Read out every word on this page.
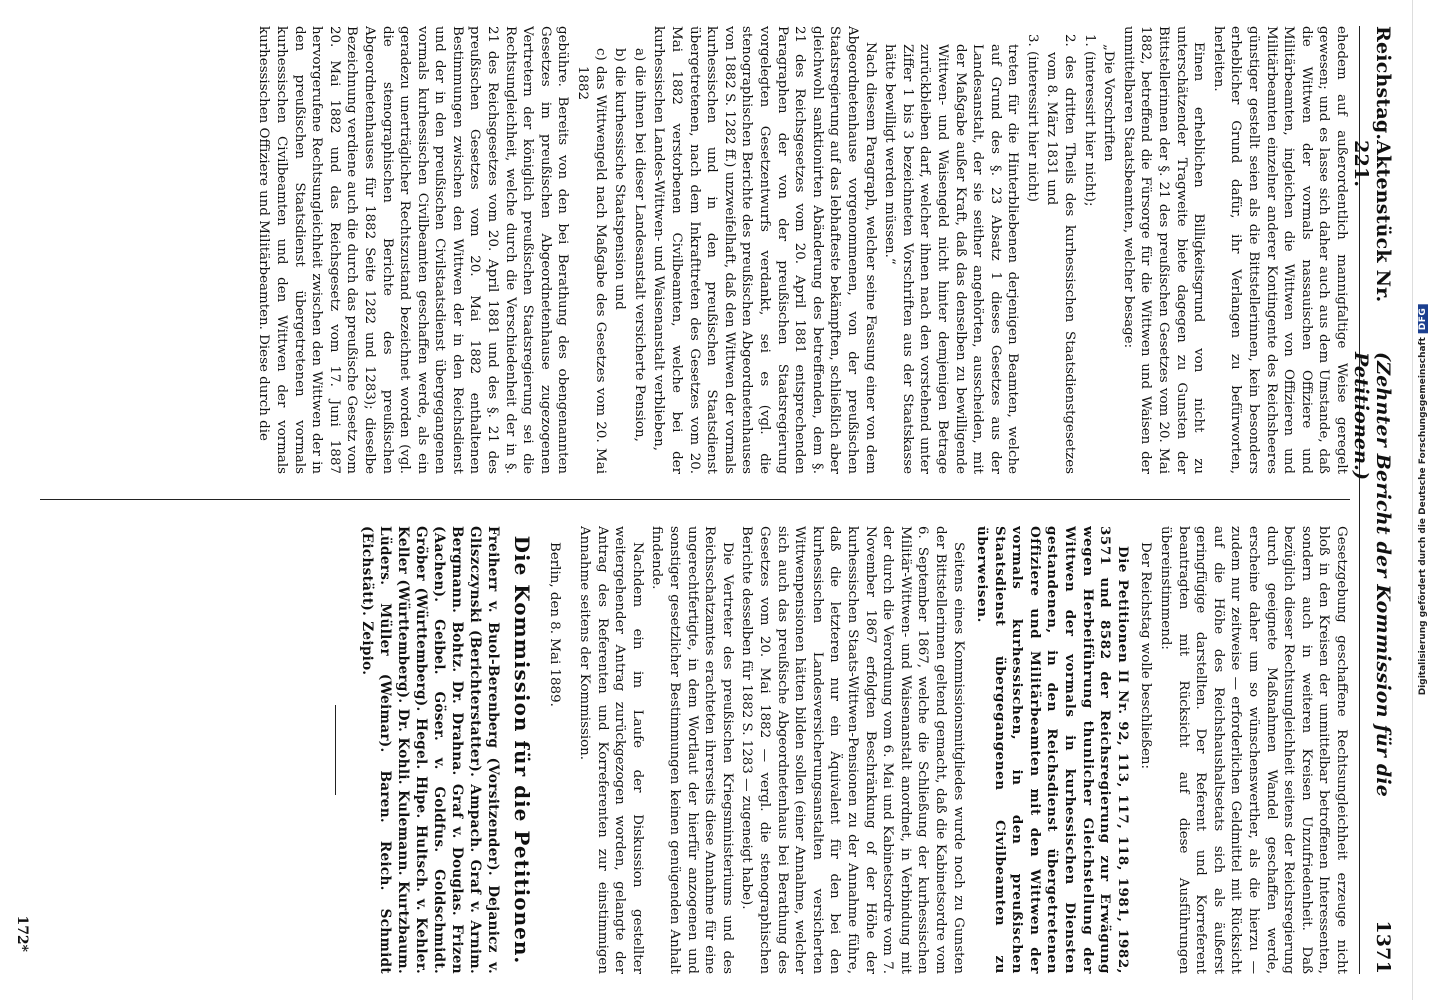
Reichstag.
Aktenstück Nr. 221.
(Zehnter Bericht der Kommission für die Petitionen.)
1371

ehedem auf außerordentlich mannigfaltige Weise geregelt gewesen; und es lasse sich daher auch aus dem Umstande, daß die Wittwen der vormals nassauischen Offiziere und Militärbeamten, ingleichen die Wittwen von Offizieren und Militärbeamten einzelner anderer Kontingente des Reichsheeres günstiger gestellt seien als die Bittstellerinnen, kein besonders erheblicher Grund dafür, ihr Verlangen zu befürworten, herleiten.

Einen erheblichen Billigkeitsgrund von nicht zu unterschätzender Tragweite biete dagegen zu Gunsten der Bittstellerinnen der §. 21 des preußischen Gesetzes vom 20. Mai 1882, betreffend die Fürsorge für die Wittwen und Waisen der unmittelbaren Staatsbeamten, welcher besage:

„Die Vorschriften

1. (interessirt hier nicht);

2. des dritten Theils des kurhessischen Staatsdienstgesetzes vom 8. März 1831 und

3. (interessirt hier nicht)

treten für die Hinterbliebenen derjenigen Beamten, welche auf Grund des §. 23 Absatz 1 dieses Gesetzes aus der Landesanstalt, der sie seither angehörten, ausscheiden, mit der Maßgabe außer Kraft, daß das denselben zu bewilligende Wittwen- und Waisengeld nicht hinter demjenigen Betrage zurückbleiben darf, welcher ihnen nach den vorstehend unter Ziffer 1 bis 3 bezeichneten Vorschriften aus der Staatskasse hätte bewilligt werden müssen.“

Nach diesem Paragraph, welcher seine Fassung einer von dem Abgeordnetenhause vorgenommenen, von der preußischen Staatsregierung auf das lebhafteste bekämpften, schließlich aber gleichwohl sanktionirten Abänderung des betreffenden, dem §. 21 des Reichsgesetzes vom 20. April 1881 entsprechenden Paragraphen der von der preußischen Staatsregierung vorgelegten Gesetzentwurfs verdankt, sei es (vgl. die stenographischen Berichte des preußischen Abgeordnetenhauses von 1882 S. 1282 ff.) unzweifelhaft, daß den Wittwen der vormals kurhessischen und in den preußischen Staatsdienst übergetretenen, nach dem Inkrafttreten des Gesetzes vom 20. Mai 1882 verstorbenen Civilbeamten, welche bei der kurhessischen Landes-Wittwen- und Waisenanstalt verblieben,

a) die ihnen bei dieser Landesanstalt versicherte Pension,

b) die kurhessische Staatspension und

c) das Wittwengeld nach Maßgabe des Gesetzes vom 20. Mai 1882

gebühre. Bereits von den bei Berathung des obengenannten Gesetzes im preußischen Abgeordnetenhause zugezogenen Vertretern der königlich preußischen Staatsregierung sei die Rechtsungleichheit, welche durch die Verschiedenheit der in §. 21 des Reichsgesetzes vom 20. April 1881 und des §. 21 des preußischen Gesetzes vom 20. Mai 1882 enthaltenen Bestimmungen zwischen den Wittwen der in den Reichsdienst und der in den preußischen Civilstaatsdienst übergegangenen vormals kurhessischen Civilbeamten geschaffen werde, als ein geradezu unerträglicher Rechtszustand bezeichnet worden (vgl. die stenographischen Berichte des preußischen Abgeordnetenhauses für 1882 Seite 1282 und 1283); dieselbe Bezeichnung verdiene auch die durch das preußische Gesetz vom 20. Mai 1882 und das Reichsgesetz vom 17. Juni 1887 hervorgerufene Rechtsungleichheit zwischen den Wittwen der in den preußischen Staatsdienst übergetretenen vormals kurhessischen Civilbeamten und den Wittwen der vormals kurhessischen Offiziere und Militärbeamten. Diese durch die

Gesetzgebung geschaffene Rechtsungleichheit erzeuge nicht bloß in den Kreisen der unmittelbar betroffenen Interessenten, sondern auch in weiteren Kreisen Unzufriedenheit. Daß bezüglich dieser Rechtsungleichheit seitens der Reichsregierung durch geeignete Maßnahmen Wandel geschaffen werde, erscheine daher um so wünschenswerther, als die hierzu — zudem nur zeitweise — erforderlichen Geldmittel mit Rücksicht auf die Höhe des Reichshaushaltsetats sich als äußerst geringfügige darstellten. Der Referent und Korreferent beantragten mit Rücksicht auf diese Ausführungen übereinstimmend:

Der Reichstag wolle beschließen:

Die Petitionen II Nr. 92, 113, 117, 118, 1981, 1982, 3571 und 8582 der Reichsregierung zur Erwägung wegen Herbeiführung thunlicher Gleichstellung der Wittwen der vormals in kurhessischen Diensten gestandenen, in den Reichsdienst übergetretenen Offiziere und Militärbeamten mit den Wittwen der vormals kurhessischen, in den preußischen Staatsdienst übergegangenen Civilbeamten zu überweisen.

Seitens eines Kommissionsmitgliedes wurde noch zu Gunsten der Bittstellerinnen geltend gemacht, daß die Kabinetsordre vom 6. September 1867, welche die Schließung der kurhessischen Militär-Wittwen- und Waisenanstalt anordnet, in Verbindung mit der durch die Verordnung vom 6. Mai und Kabinetsordre vom 7. November 1867 erfolgten Beschränkung of der Höhe der kurhessischen Staats-Wittwen-Pensionen zu der Annahme führe, daß die letzteren nur ein Äquivalent für den bei den kurhessischen Landesversicherungsanstalten versicherten Wittwenpensionen hätten bilden sollen (einer Annahme, welcher sich auch das preußische Abgeordnetenhaus bei Berathung des Gesetzes vom 20. Mai 1882 — vergl. die stenographischen Berichte desselben für 1882 S. 1283 — zugeneigt habe).

Die Vertreter des preußischen Kriegsministeriums und des Reichsschatzamtes erachteten ihrerseits diese Annahme für eine ungerechtfertigte, in dem Wortlaut der hierfür anzogenen und sonstiger gesetzlicher Bestimmungen keinen genügenden Anhalt findende.

Nachdem ein im Laufe der Diskussion gestellter weitergehender Antrag zurückgezogen worden, gelangte der Antrag des Referenten und Korreferenten zur einstimmigen Annahme seitens der Kommission.

Berlin, den 8. Mai 1889.

Die Kommission für die Petitionen.

Freiherr v. Buol-Berenberg (Vorsitzender). Dejanicz v. Gliszczynski (Berichterstatter). Ampach. Graf v. Arnim. Bergmann. Bohtz. Dr. Drahna. Graf v. Douglas. Frizen (Aachen). Geibel. Göser. v. Goldfus. Goldschmidt. Gröber (Württemberg). Hegel. Hipe. Hultsch. v. Kehler. Keller (Württemberg). Dr. Kohli. Kulemann. Kurtzbaum. Lüders. Müller (Weimar). Baren. Reich. Schmidt (Eichstätt). Zeipio.

172*
Digitalisierung gefördert durch die Deutsche Forschungsgemeinschaft
DFG
